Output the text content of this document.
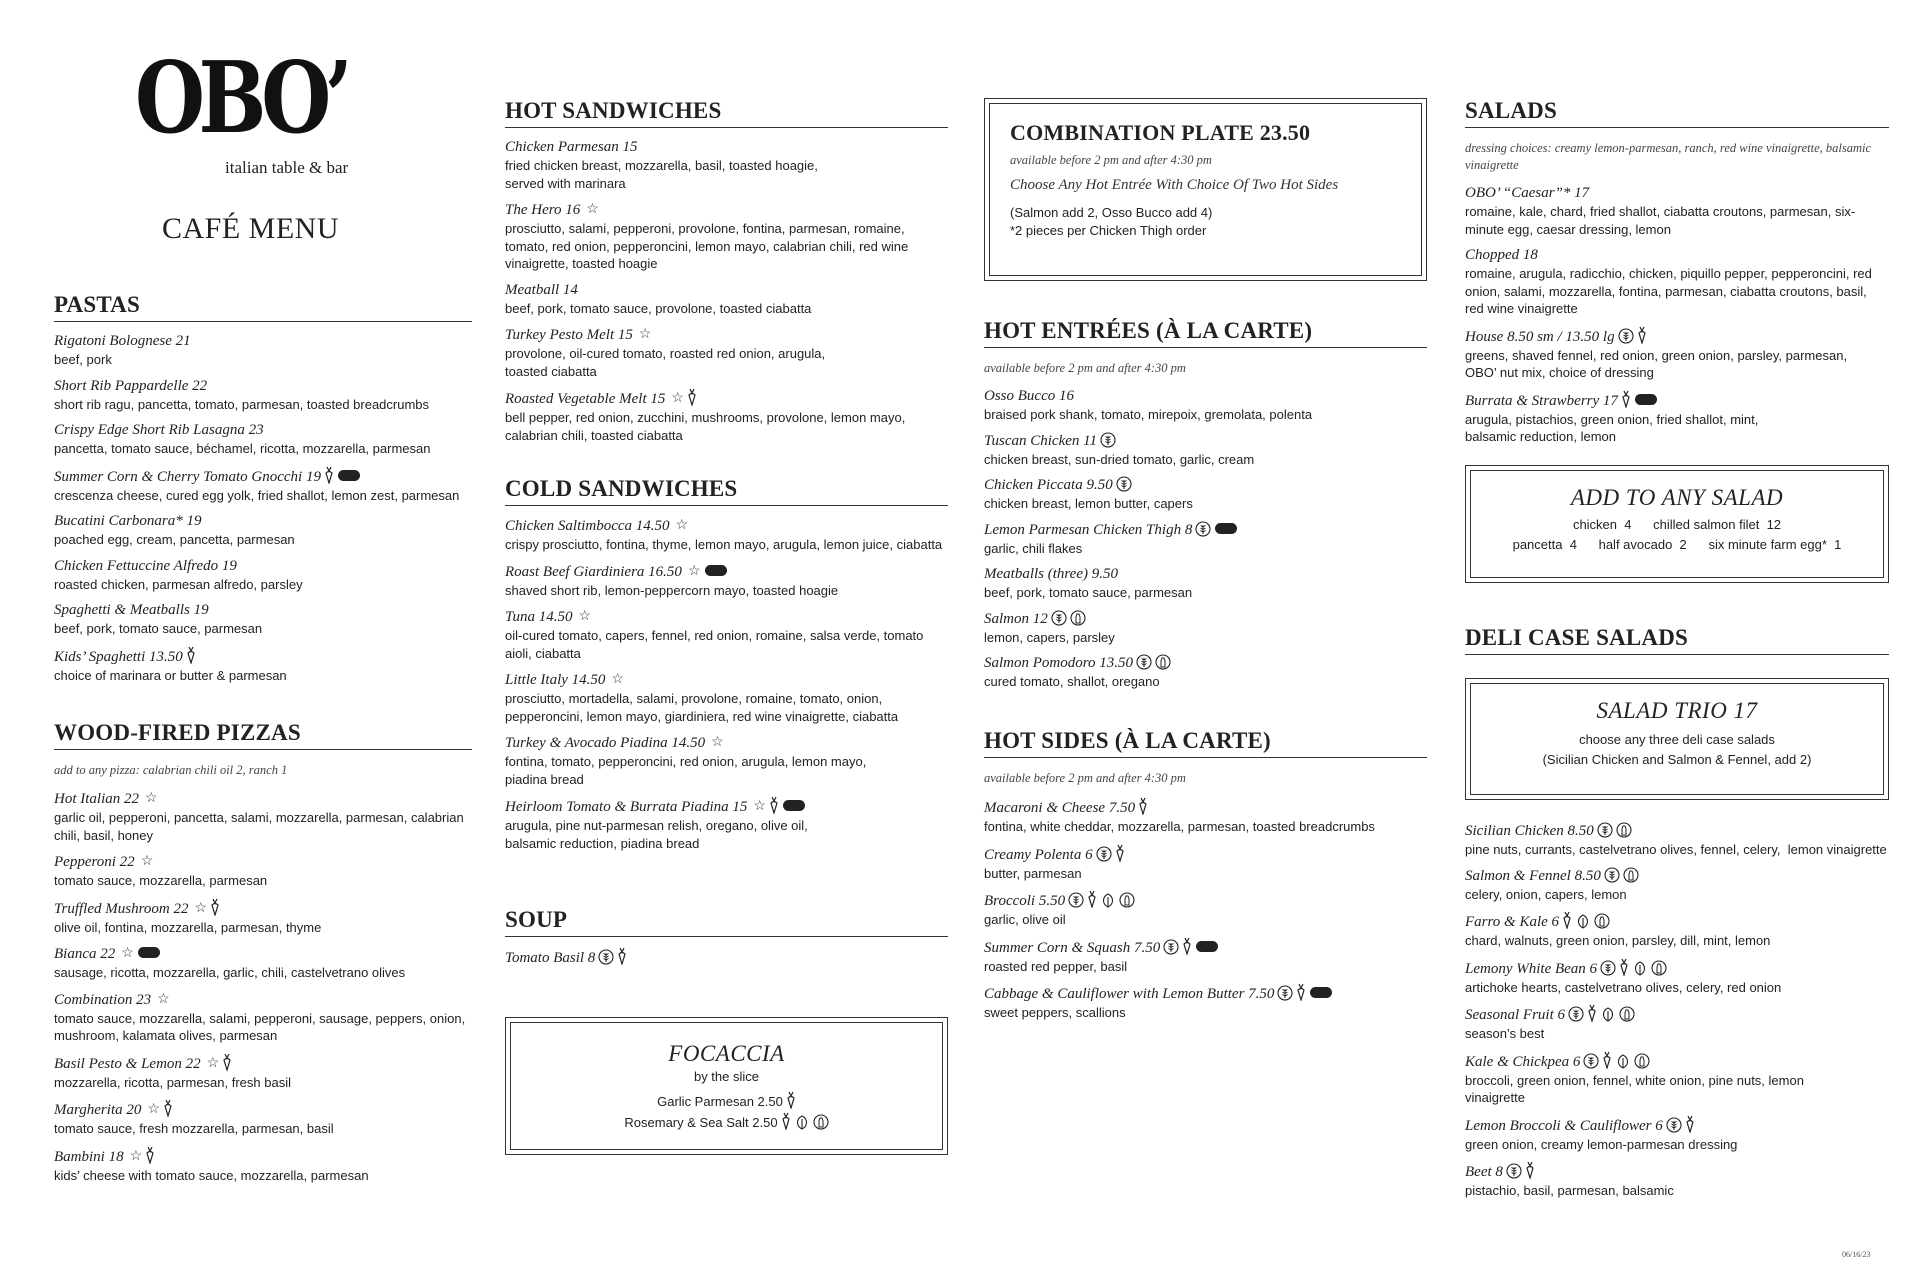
OBO’
italian table & bar
CAFÉ MENU
PASTAS
Rigatoni Bolognese 21
beef, pork
Short Rib Pappardelle 22
short rib ragu, pancetta, tomato, parmesan, toasted breadcrumbs
Crispy Edge Short Rib Lasagna 23
pancetta, tomato sauce, béchamel, ricotta, mozzarella, parmesan
Summer Corn & Cherry Tomato Gnocchi 19
crescenza cheese, cured egg yolk, fried shallot, lemon zest, parmesan
Bucatini Carbonara* 19
poached egg, cream, pancetta, parmesan
Chicken Fettuccine Alfredo 19
roasted chicken, parmesan alfredo, parsley
Spaghetti & Meatballs 19
beef, pork, tomato sauce, parmesan
Kids’ Spaghetti 13.50
choice of marinara or butter & parmesan
WOOD-FIRED PIZZAS
add to any pizza: calabrian chili oil 2, ranch 1
Hot Italian 22 ☆
garlic oil, pepperoni, pancetta, salami, mozzarella, parmesan, calabrian chili, basil, honey
Pepperoni 22 ☆
tomato sauce, mozzarella, parmesan
Truffled Mushroom 22 ☆
olive oil, fontina, mozzarella, parmesan, thyme
Bianca 22 ☆
sausage, ricotta, mozzarella, garlic, chili, castelvetrano olives
Combination 23 ☆
tomato sauce, mozzarella, salami, pepperoni, sausage, peppers, onion, mushroom, kalamata olives, parmesan
Basil Pesto & Lemon 22 ☆
mozzarella, ricotta, parmesan, fresh basil
Margherita 20 ☆
tomato sauce, fresh mozzarella, parmesan, basil
Bambini 18 ☆
kids’ cheese with tomato sauce, mozzarella, parmesan
HOT SANDWICHES
Chicken Parmesan 15
fried chicken breast, mozzarella, basil, toasted hoagie, served with marinara
The Hero 16 ☆
prosciutto, salami, pepperoni, provolone, fontina, parmesan, romaine, tomato, red onion, pepperoncini, lemon mayo, calabrian chili, red wine vinaigrette, toasted hoagie
Meatball 14
beef, pork, tomato sauce, provolone, toasted ciabatta
Turkey Pesto Melt 15 ☆
provolone, oil-cured tomato, roasted red onion, arugula, toasted ciabatta
Roasted Vegetable Melt 15 ☆
bell pepper, red onion, zucchini, mushrooms, provolone, lemon mayo, calabrian chili, toasted ciabatta
COLD SANDWICHES
Chicken Saltimbocca 14.50 ☆
crispy prosciutto, fontina, thyme, lemon mayo, arugula, lemon juice, ciabatta
Roast Beef Giardiniera 16.50 ☆
shaved short rib, lemon-peppercorn mayo, toasted hoagie
Tuna 14.50 ☆
oil-cured tomato, capers, fennel, red onion, romaine, salsa verde, tomato aioli, ciabatta
Little Italy 14.50 ☆
prosciutto, mortadella, salami, provolone, romaine, tomato, onion, pepperoncini, lemon mayo, giardiniera, red wine vinaigrette, ciabatta
Turkey & Avocado Piadina 14.50 ☆
fontina, tomato, pepperoncini, red onion, arugula, lemon mayo, piadina bread
Heirloom Tomato & Burrata Piadina 15 ☆
arugula, pine nut-parmesan relish, oregano, olive oil, balsamic reduction, piadina bread
SOUP
Tomato Basil 8
FOCACCIA
by the slice
Garlic Parmesan 2.50
Rosemary & Sea Salt 2.50
COMBINATION PLATE 23.50
available before 2 pm and after 4:30 pm
Choose Any Hot Entrée With Choice Of Two Hot Sides
(Salmon add 2, Osso Bucco add 4)
*2 pieces per Chicken Thigh order
HOT ENTRÉES (À LA CARTE)
available before 2 pm and after 4:30 pm
Osso Bucco 16
braised pork shank, tomato, mirepoix, gremolata, polenta
Tuscan Chicken 11
chicken breast, sun-dried tomato, garlic, cream
Chicken Piccata 9.50
chicken breast, lemon butter, capers
Lemon Parmesan Chicken Thigh 8
garlic, chili flakes
Meatballs (three) 9.50
beef, pork, tomato sauce, parmesan
Salmon 12
lemon, capers, parsley
Salmon Pomodoro 13.50
cured tomato, shallot, oregano
HOT SIDES (À LA CARTE)
available before 2 pm and after 4:30 pm
Macaroni & Cheese 7.50
fontina, white cheddar, mozzarella, parmesan, toasted breadcrumbs
Creamy Polenta 6
butter, parmesan
Broccoli 5.50
garlic, olive oil
Summer Corn & Squash 7.50
roasted red pepper, basil
Cabbage & Cauliflower with Lemon Butter 7.50
sweet peppers, scallions
SALADS
dressing choices: creamy lemon-parmesan, ranch, red wine vinaigrette, balsamic vinaigrette
OBO’ “Caesar”* 17
romaine, kale, chard, fried shallot, ciabatta croutons, parmesan, six-minute egg, caesar dressing, lemon
Chopped 18
romaine, arugula, radicchio, chicken, piquillo pepper, pepperoncini, red onion, salami, mozzarella, fontina, parmesan, ciabatta croutons, basil, red wine vinaigrette
House 8.50 sm / 13.50 lg
greens, shaved fennel, red onion, green onion, parsley, parmesan, OBO’ nut mix, choice of dressing
Burrata & Strawberry 17
arugula, pistachios, green onion, fried shallot, mint, balsamic reduction, lemon
ADD TO ANY SALAD
chicken  4      chilled salmon filet  12
pancetta  4      half avocado  2      six minute farm egg*  1
DELI CASE SALADS
SALAD TRIO 17
choose any three deli case salads
(Sicilian Chicken and Salmon & Fennel, add 2)
Sicilian Chicken 8.50
pine nuts, currants, castelvetrano olives, fennel, celery,  lemon vinaigrette
Salmon & Fennel 8.50
celery, onion, capers, lemon
Farro & Kale 6
chard, walnuts, green onion, parsley, dill, mint, lemon
Lemony White Bean 6
artichoke hearts, castelvetrano olives, celery, red onion
Seasonal Fruit 6
season’s best
Kale & Chickpea 6
broccoli, green onion, fennel, white onion, pine nuts, lemon vinaigrette
Lemon Broccoli & Cauliflower 6
green onion, creamy lemon-parmesan dressing
Beet 8
pistachio, basil, parmesan, balsamic
06/16/23
